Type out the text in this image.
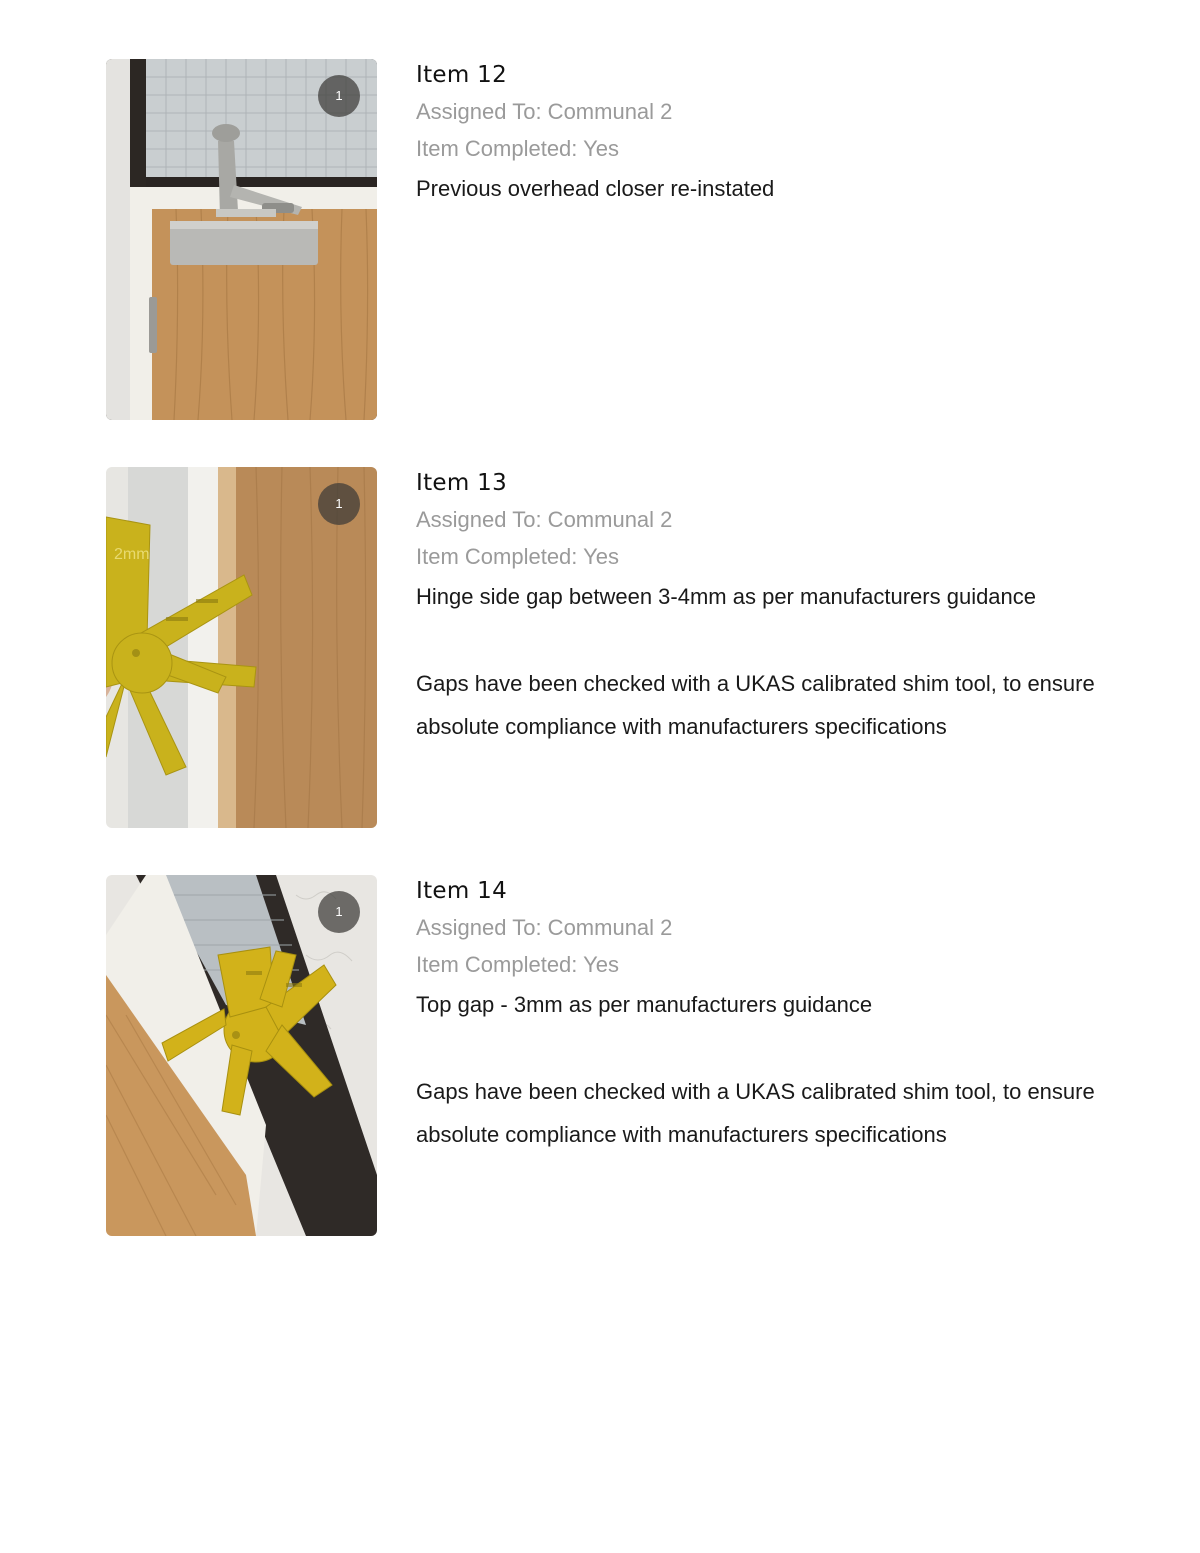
1
Item 12
Assigned To: Communal 2
Item Completed: Yes

Previous overhead closer re-instated

2mm
1
Item 13
Assigned To: Communal 2
Item Completed: Yes

Hinge side gap between 3-4mm as per manufacturers guidance

Gaps have been checked with a UKAS calibrated shim tool, to ensure absolute compliance with manufacturers specifications

1
Item 14
Assigned To: Communal 2
Item Completed: Yes

Top gap - 3mm as per manufacturers guidance

Gaps have been checked with a UKAS calibrated shim tool, to ensure absolute compliance with manufacturers specifications
